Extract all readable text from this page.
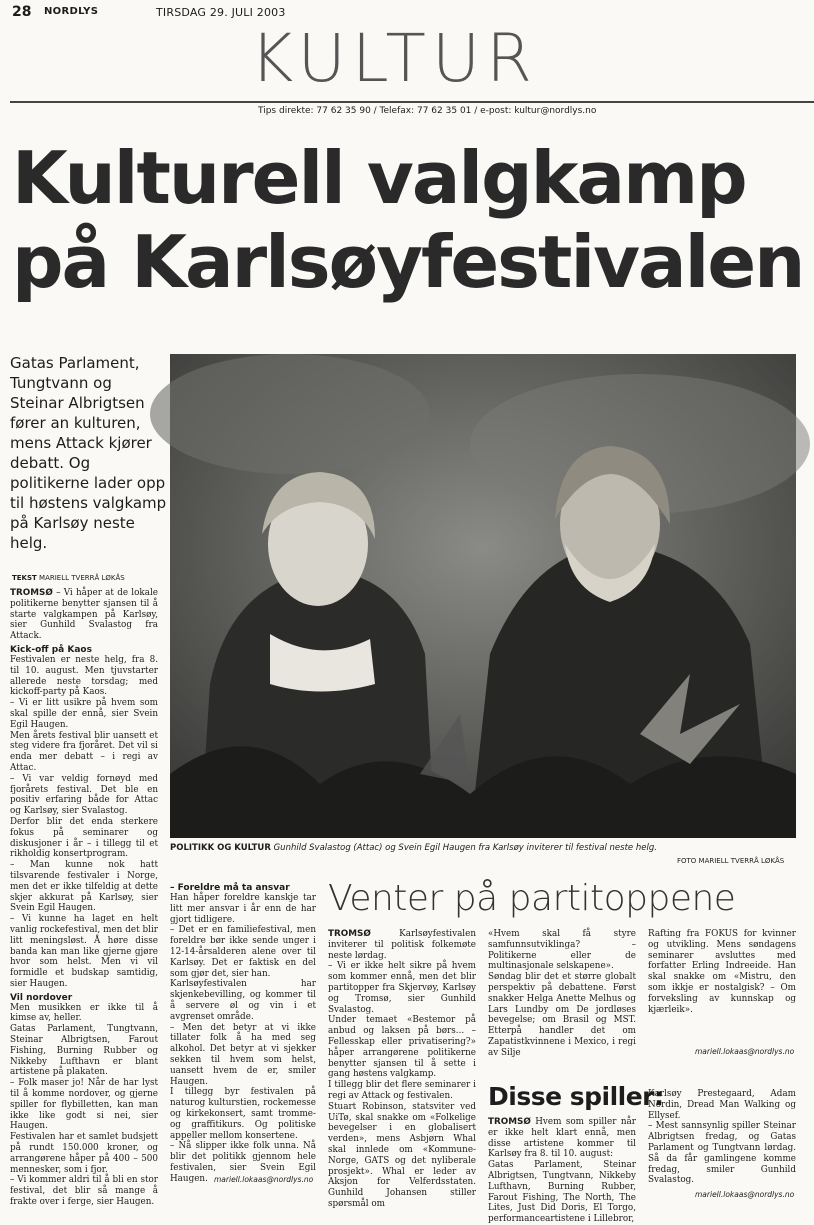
28 NORDLYS	TIRSDAG 29. JULI 2003
KULTUR
Tips direkte: 77 62 35 90 / Telefax: 77 62 35 01 / e-post: kultur@nordlys.no
Kulturell valgkamp
på Karlsøyfestivalen
Gatas Parlament, Tungtvann og Steinar Albrigtsen fører an kulturen, mens Attack kjører debatt. Og politikerne lader opp til høstens valgkamp på Karlsøy neste helg.
TEKST MARIELL TVERRÅ LØKÅS
POLITIKK OG KULTUR Gunhild Svalastog (Attac) og Svein Egil Haugen fra Karlsøy inviterer til festival neste helg.
FOTO MARIELL TVERRÅ LØKÅS

TROMSØ – Vi håper at de lokale politikerne benytter sjansen til å starte valgkampen på Karlsøy, sier Gunhild Svalastog fra Attack.

Kick-off på Kaos

Festivalen er neste helg, fra 8. til 10. august. Men tjuvstarter allerede neste torsdag; med kickoff-party på Kaos.

– Vi er litt usikre på hvem som skal spille der ennå, sier Svein Egil Haugen.

Men årets festival blir uansett et steg videre fra fjoråret. Det vil si enda mer debatt – i regi av Attac.

– Vi var veldig fornøyd med fjorårets festival. Det ble en positiv erfaring både for Attac og Karlsøy, sier Svalastog.

Derfor blir det enda sterkere fokus på seminarer og diskusjoner i år – i tillegg til et rikholdig konsertprogram.

– Man kunne nok hatt tilsvarende festivaler i Norge, men det er ikke tilfeldig at dette skjer akkurat på Karlsøy, sier Svein Egil Haugen.

– Vi kunne ha laget en helt vanlig rockefestival, men det blir litt meningsløst. Å høre disse banda kan man like gjerne gjøre hvor som helst. Men vi vil formidle et budskap samtidig, sier Haugen.

Vil nordover

Men musikken er ikke til å kimse av, heller.

Gatas Parlament, Tungtvann, Steinar Albrigtsen, Farout Fishing, Burning Rubber og Nikkeby Lufthavn er blant artistene på plakaten.

– Folk maser jo! Når de har lyst til å komme nordover, og gjerne spiller for flybilletten, kan man ikke like godt si nei, sier Haugen.

Festivalen har et samlet budsjett på rundt 150.000 kroner, og arrangørene håper på 400 – 500 mennesker, som i fjor.

– Vi kommer aldri til å bli en stor festival, det blir så mange å frakte over i ferge, sier Haugen.

– Foreldre må ta ansvar

Han håper foreldre kanskje tar litt mer ansvar i år enn de har gjort tidligere.

– Det er en familiefestival, men foreldre bør ikke sende unger i 12-14-årsalderen alene over til Karlsøy. Det er faktisk en del som gjør det, sier han.

Karlsøyfestivalen har skjenkebevilling, og kommer til å servere øl og vin i et avgrenset område.

– Men det betyr at vi ikke tillater folk å ha med seg alkohol. Det betyr at vi sjekker sekken til hvem som helst, uansett hvem de er, smiler Haugen.

I tillegg byr festivalen på naturog kulturstien, rockemesse og kirkekonsert, samt tromme- og graffitikurs. Og politiske appeller mellom konsertene.

– Nå slipper ikke folk unna. Nå blir det politikk gjennom hele festivalen, sier Svein Egil Haugen. mariell.lokaas@nordlys.no
Venter på partitoppene

TROMSØ Karlsøyfestivalen inviterer til politisk folkemøte neste lørdag.

– Vi er ikke helt sikre på hvem som kommer ennå, men det blir partitopper fra Skjervøy, Karlsøy og Tromsø, sier Gunhild Svalastog.

Under temaet «Bestemor på anbud og laksen på børs... – Fellesskap eller privatisering?» håper arrangørene politikerne benytter sjansen til å sette i gang høstens valgkamp.

I tillegg blir det flere seminarer i regi av Attack og festivalen.

Stuart Robinson, statsviter ved UiTø, skal snakke om «Folkelige bevegelser i en globalisert verden», mens Asbjørn Whal skal innlede om «Kommune-Norge, GATS og det nyliberale prosjekt». Whal er leder av Aksjon for Velferdsstaten. Gunhild Johansen stiller spørsmål om

«Hvem skal få styre samfunnsutviklinga? – Politikerne eller de multinasjonale selskapene».

Søndag blir det et større globalt perspektiv på debattene. Først snakker Helga Anette Melhus og Lars Lundby om De jordløses bevegelse; om Brasil og MST. Etterpå handler det om Zapatistkvinnene i Mexico, i regi av Silje

Rafting fra FOKUS for kvinner og utvikling. Mens søndagens seminarer avsluttes med forfatter Erling Indreeide. Han skal snakke om «Mistru, den som ikkje er nostalgisk? – Om forveksling av kunnskap og kjærleik».

mariell.lokaas@nordlys.no
Disse spiller:

TROMSØ Hvem som spiller når er ikke helt klart ennå, men disse artistene kommer til Karlsøy fra 8. til 10. august:

Gatas Parlament, Steinar Albrigtsen, Tungtvann, Nikkeby Lufthavn, Burning Rubber, Farout Fishing, The North, The Lites, Just Did Doris, El Torgo, performanceartistene i Lillebror,

Karlsøy Prestegaard, Adam Nordin, Dread Man Walking og Ellysef.

– Mest sannsynlig spiller Steinar Albrigtsen fredag, og Gatas Parlament og Tungtvann lørdag. Så da får gamlingene komme fredag, smiler Gunhild Svalastog.

mariell.lokaas@nordlys.no
